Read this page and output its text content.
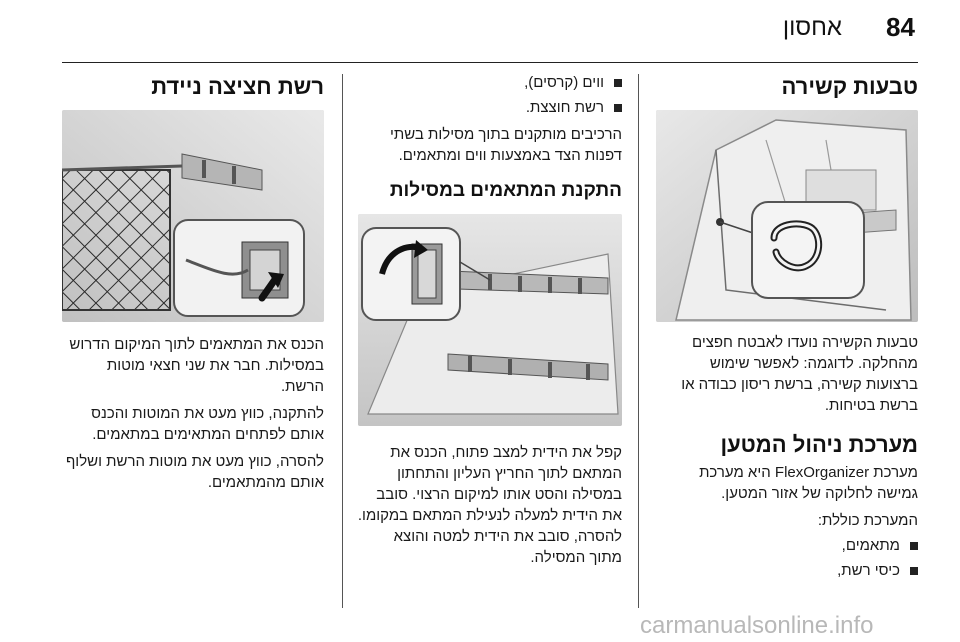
84
אחסון
טבעות קשירה

טבעות הקשירה נועדו לאבטח חפצים

מהחלקה. לדוגמה: לאפשר שימוש

ברצועות קשירה, ברשת ריסון כבודה או

ברשת בטיחות.

מערכת ניהול המטען

מערכת FlexOrganizer היא מערכת

גמישה לחלוקה של אזור המטען.

המערכת כוללת:

מתאמים,
כיסי רשת,
ווים (קרסים),
רשת חוצצת.

הרכיבים מותקנים בתוך מסילות בשתי

דפנות הצד באמצעות ווים ומתאמים.

התקנת המתאמים במסילות

קפל את הידית למצב פתוח, הכנס את

המתאם לתוך החריץ העליון והתחתון

במסילה והסט אותו למיקום הרצוי. סובב

את הידית למעלה לנעילת המתאם במקומו.

להסרה, סובב את הידית למטה והוצא

מתוך המסילה.

רשת חציצה ניידת

הכנס את המתאמים לתוך המיקום הדרוש

במסילות. חבר את שני חצאי מוטות הרשת.

להתקנה, כווץ מעט את המוטות והכנס

אותם לפתחים המתאימים במתאמים.

להסרה, כווץ מעט את מוטות הרשת ושלוף

אותם מהמתאמים.

carmanualsonline.info
